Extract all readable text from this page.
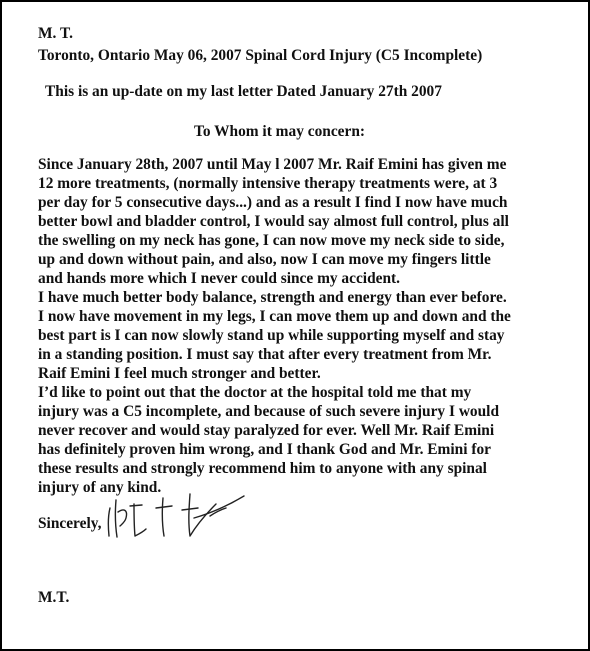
M. T.
Toronto, Ontario May 06, 2007 Spinal Cord Injury (C5 Incomplete)
This is an up-date on my last letter Dated January 27th 2007
To Whom it may concern:
Since January 28th, 2007 until May l 2007 Mr. Raif Emini has given me
12 more treatments, (normally intensive therapy treatments were, at 3
per day for 5 consecutive days...) and as a result I find I now have much
better bowl and bladder control, I would say almost full control, plus all
the swelling on my neck has gone, I can now move my neck side to side,
up and down without pain, and also, now I can move my fingers little
and hands more which I never could since my accident.
I have much better body balance, strength and energy than ever before.
I now have movement in my legs, I can move them up and down and the
best part is I can now slowly stand up while supporting myself and stay
in a standing position. I must say that after every treatment from Mr.
Raif Emini I feel much stronger and better.
I’d like to point out that the doctor at the hospital told me that my
injury was a C5 incomplete, and because of such severe injury I would
never recover and would stay paralyzed for ever. Well Mr. Raif Emini
has definitely proven him wrong, and I thank God and Mr. Emini for
these results and strongly recommend him to anyone with any spinal
injury of any kind.
Sincerely,
M.T.
